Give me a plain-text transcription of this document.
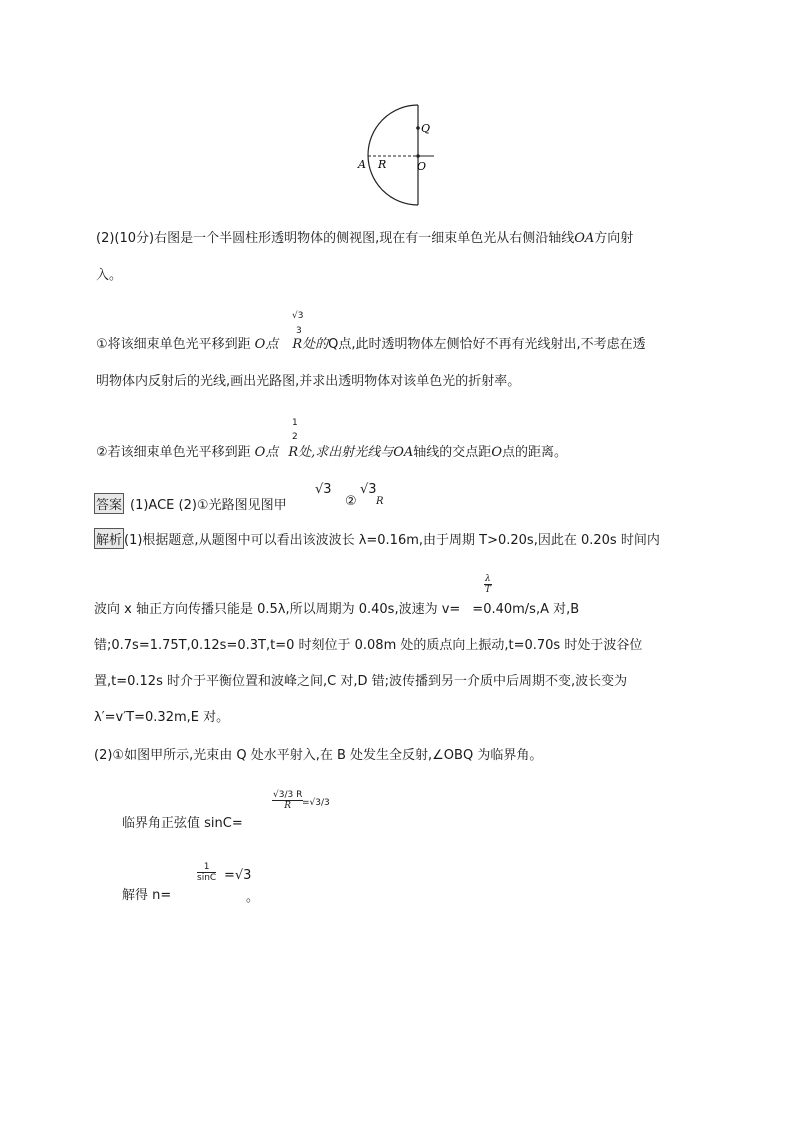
Q
A R	O
(2)(10分)右图是一个半圆柱形透明物体的侧视图,现在有一细束单色光从右侧沿轴线OA方向射
入。
√3
3
①将该细束单色光平移到距 O点 R处的Q点,此时透明物体左侧恰好不再有光线射出,不考虑在透
明物体内反射后的光线,画出光路图,并求出透明物体对该单色光的折射率。
1
2
②若该细束单色光平移到距 O点 R处,求出射光线与OA轴线的交点距O点的距离。
答案 (1)ACE (2)①光路图见图甲
√3
②
√3
R
解析 (1)根据题意,从题图中可以看出该波波长 λ=0.16m,由于周期 T>0.20s,因此在 0.20s 时间内
波向 x 轴正方向传播只能是 0.5λ,所以周期为 0.40s,波速为 v= =0.40m/s,A 对,B
$\frac{\lambda}{T}$
错;0.7s=1.75T,0.12s=0.3T,t=0 时刻位于 0.08m 处的质点向上振动,t=0.70s 时处于波谷位
置,t=0.12s 时介于平衡位置和波峰之间,C 对,D 错;波传播到另一介质中后周期不变,波长变为
λ′=v′T=0.32m,E 对。
(2)①如图甲所示,光束由 Q 处水平射入,在 B 处发生全反射,∠OBQ 为临界角。
临界角正弦值 sinC=
$\frac{√3/3 R}{R}$
=√3/3
解得 n=
$\frac{1}{\sin C} =√3$
。
